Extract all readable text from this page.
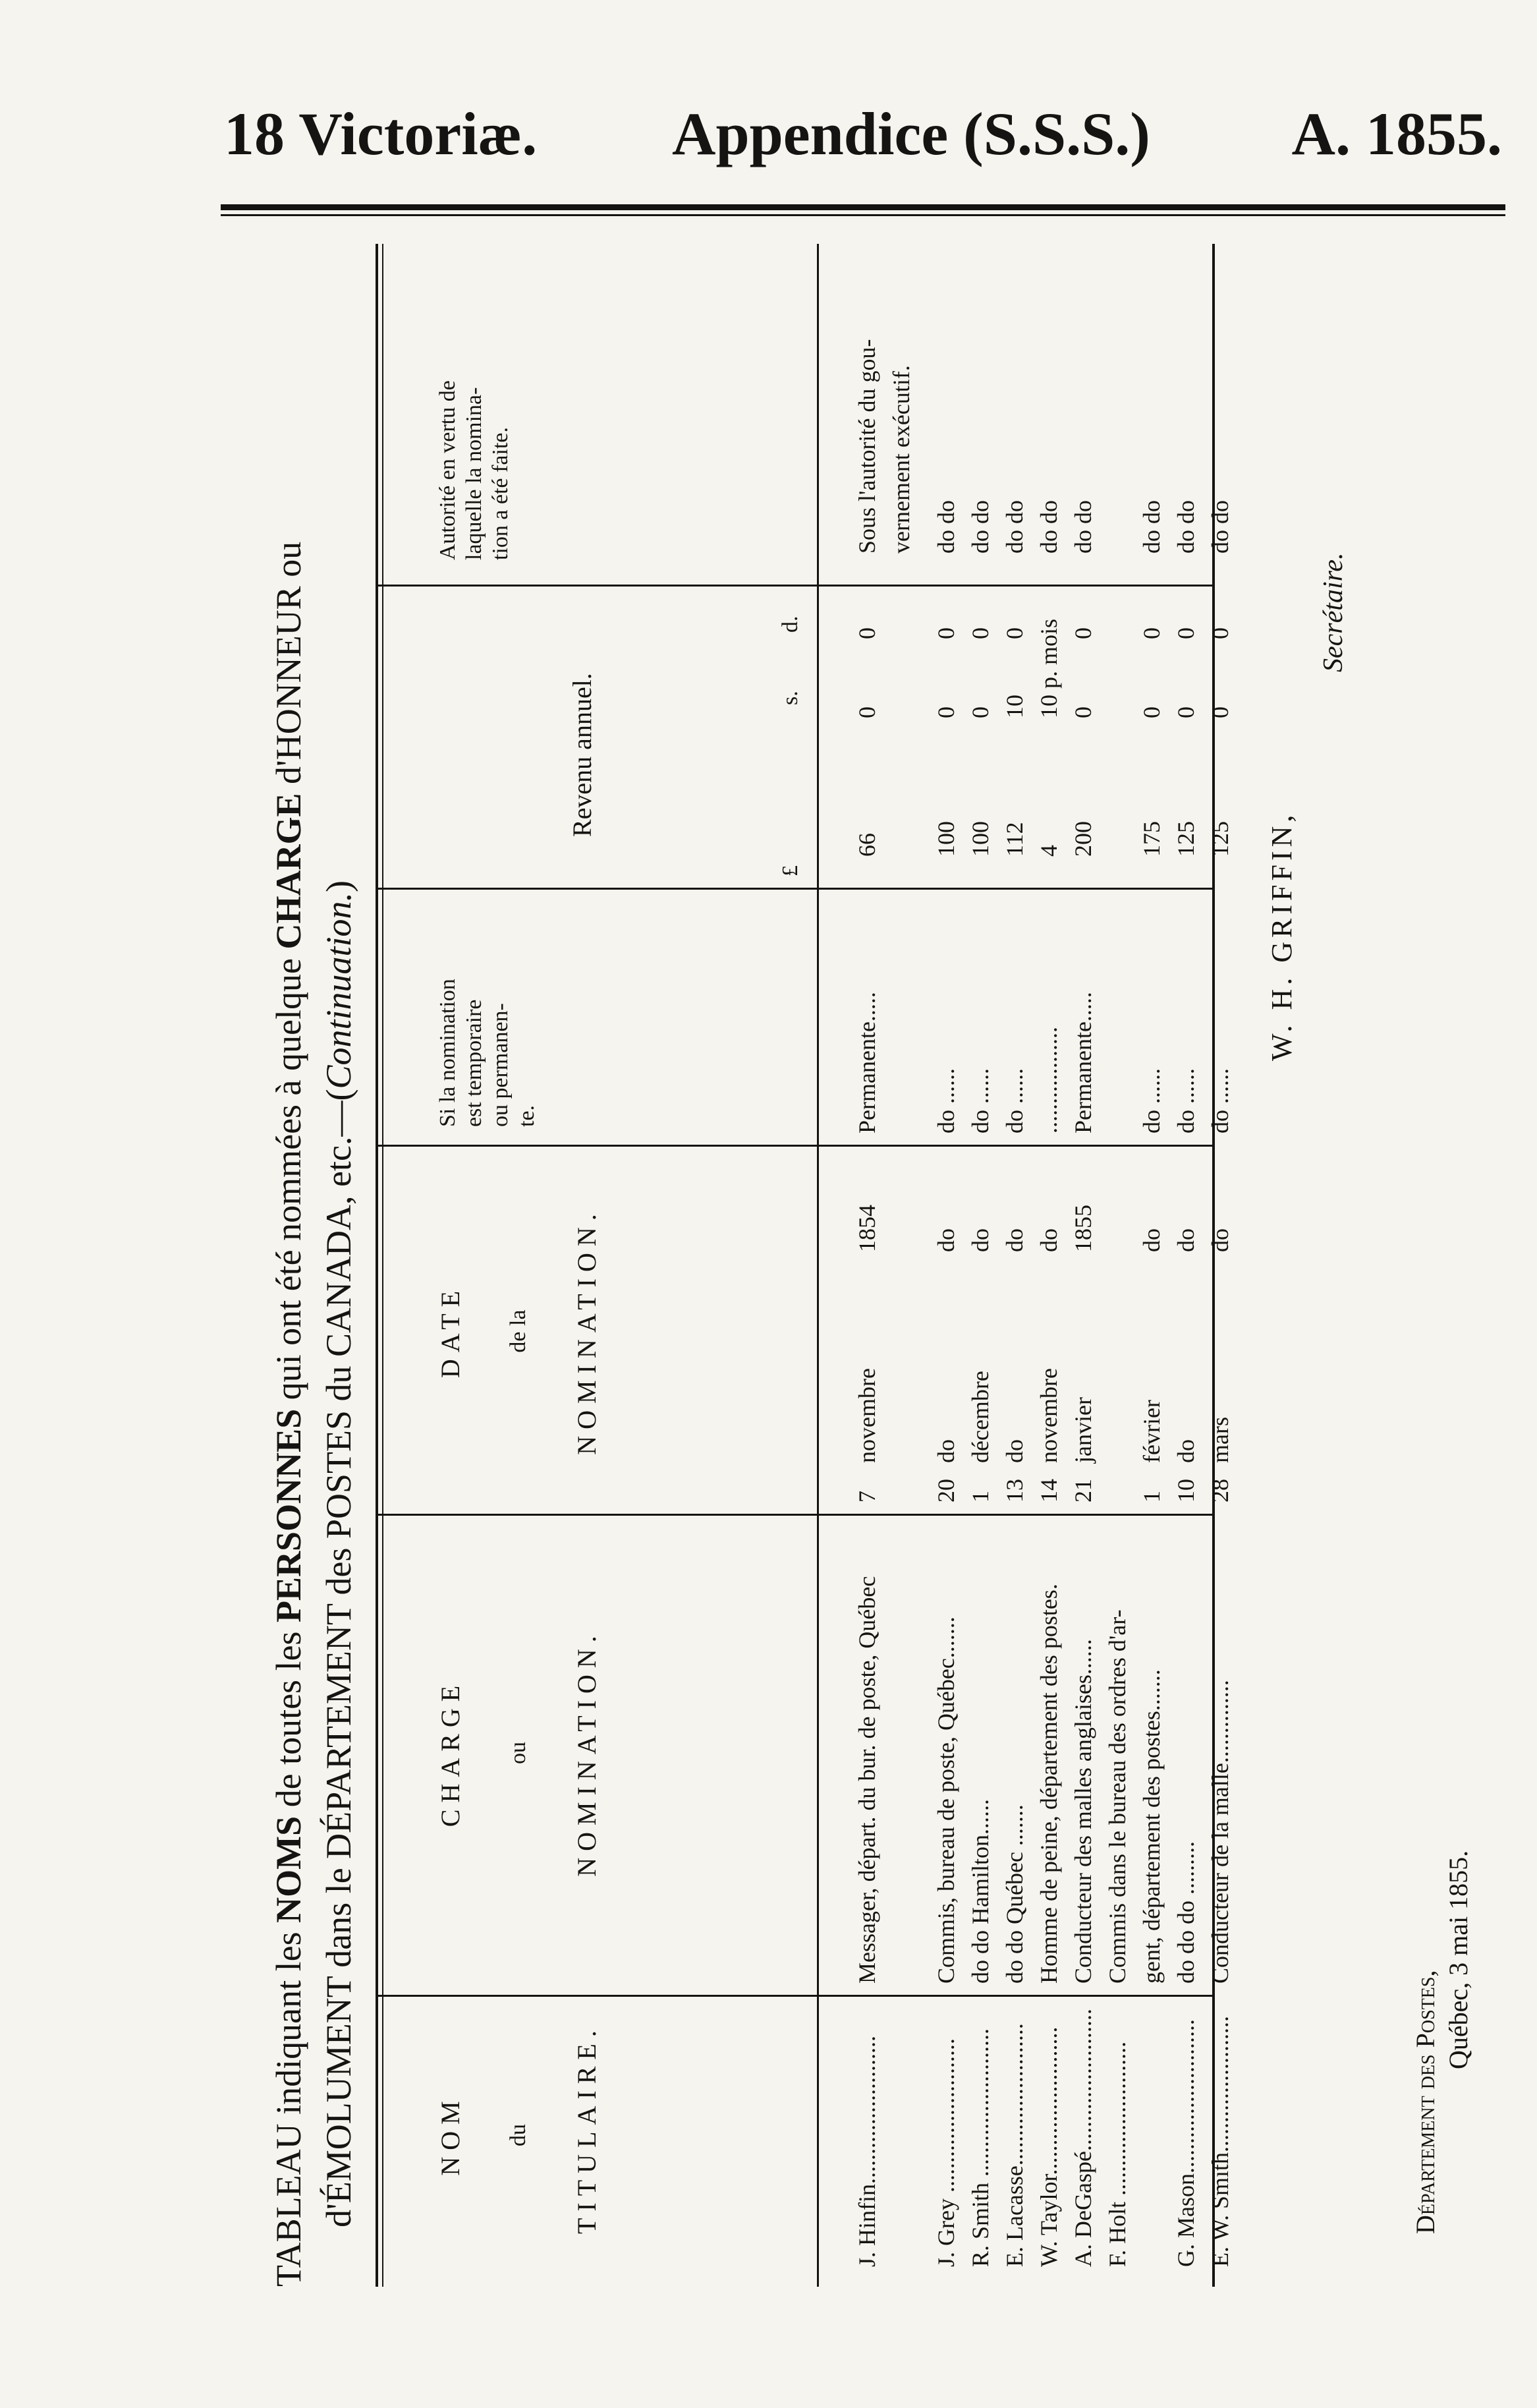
18 Victoriæ. Appendice (S.S.S.) A. 1855.
TABLEAU indiquant les NOMS de toutes les PERSONNES qui ont été nommées à quelque CHARGE d'HONNEUR ou
d'ÉMOLUMENT dans le DÉPARTEMENT des POSTES du CANADA, etc.—(Continuation.)
NOM du TITULAIRE.
CHARGE ou NOMINATION.
DATE de la NOMINATION.
Si la nomination est temporaire ou permanen- te.
Revenu annuel.
£
s.
d.
Autorité en vertu de laquelle la nomina- tion a été faite.
J. Hinfin.........................
Messager, départ. du bur. de poste, Québec
7
novembre
1854
Permanente.....
66
0
0
Sous l'autorité du gou- vernement exécutif.
J. Grey ..........................
Commis, bureau de poste, Québec.......
20
do
do
do ......
100
0
0
do do
R. Smith .........................
do do Hamilton......
1
décembre
do
do ......
100
0
0
do do
E. Lacasse........................
do do Québec .......
13
do
do
do ......
112
10
0
do do
W. Taylor.........................
Homme de peine, département des postes.
14
novembre
do
..................
4
10 p. mois
do do
A. DeGaspé........................
Conducteur des malles anglaises......
21
janvier
1855
Permanente.....
200
0
0
do do
F. Holt ..........................
Commis dans le bureau des ordres d'ar- gent, département des postes.......
1
février
do
do ......
175
0
0
do do
G. Mason..........................
do do do .........
10
do
do
do ......
125
0
0
do do
E. W. Smith.......................
Conducteur de la malle..............
28
mars
do
do ......
125
0
0
do do
W. H. GRIFFIN,
Secrétaire.
Département des Postes,
Québec, 3 mai 1855.
